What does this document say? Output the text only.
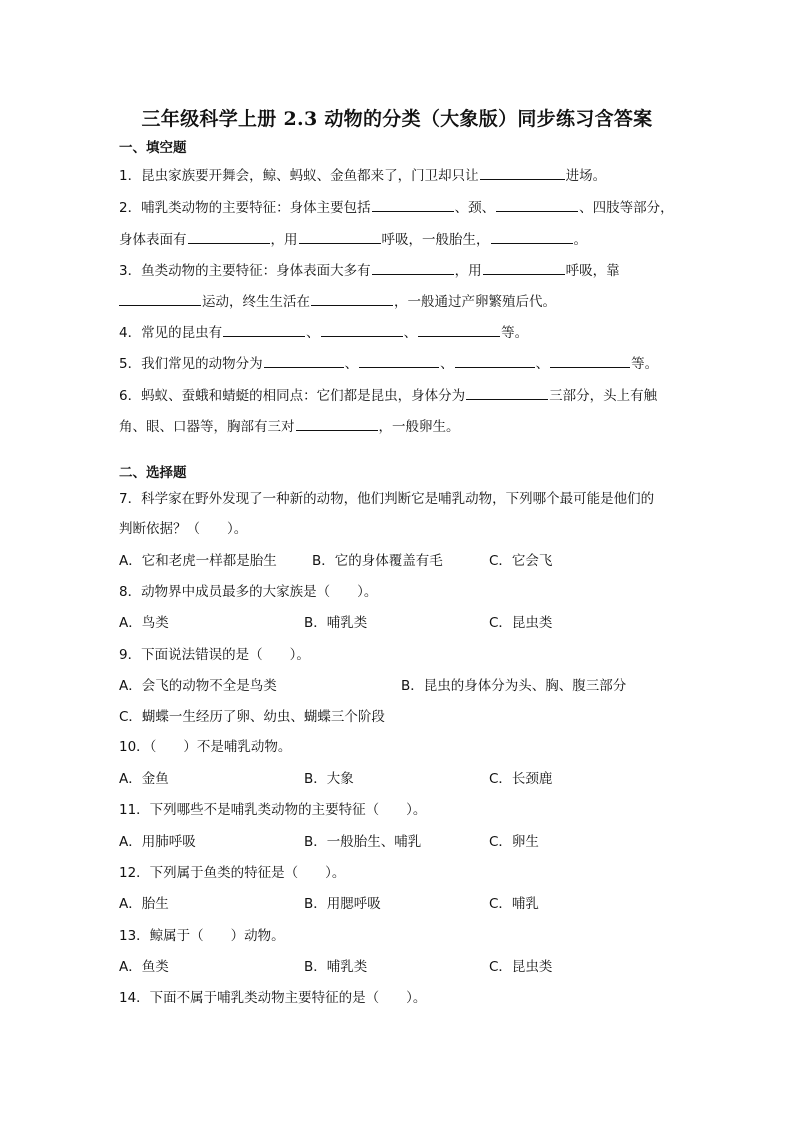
三年级科学上册 2.3 动物的分类（大象版）同步练习含答案
一、填空题
1．昆虫家族要开舞会，鲸、蚂蚁、金鱼都来了，门卫却只让	进场。
2．哺乳类动物的主要特征：身体主要包括	、颈、	、四肢等部分，
身体表面有	，用	呼吸，一般胎生，	。
3．鱼类动物的主要特征：身体表面大多有	，用	呼吸，靠
运动，终生生活在	，一般通过产卵繁殖后代。
4．常见的昆虫有	、	、	等。
5．我们常见的动物分为	、	、	、	等。
6．蚂蚁、蚕蛾和蜻蜓的相同点：它们都是昆虫，身体分为	三部分，头上有触
角、眼、口器等，胸部有三对	，一般卵生。
二、选择题
7．科学家在野外发现了一种新的动物，他们判断它是哺乳动物，下列哪个最可能是他们的
判断依据？（　　）。
A．它和老虎一样都是胎生	B．它的身体覆盖有毛	C．它会飞
8．动物界中成员最多的大家族是（　　）。
A．鸟类	B．哺乳类	C．昆虫类
9．下面说法错误的是（　　）。
A．会飞的动物不全是鸟类	B．昆虫的身体分为头、胸、腹三部分
C．蝴蝶一生经历了卵、幼虫、蝴蝶三个阶段
10．（　　）不是哺乳动物。
A．金鱼	B．大象	C．长颈鹿
11．下列哪些不是哺乳类动物的主要特征（　　）。
A．用肺呼吸	B．一般胎生、哺乳	C．卵生
12．下列属于鱼类的特征是（　　）。
A．胎生	B．用腮呼吸	C．哺乳
13．鲸属于（　　）动物。
A．鱼类	B．哺乳类	C．昆虫类
14．下面不属于哺乳类动物主要特征的是（　　）。
